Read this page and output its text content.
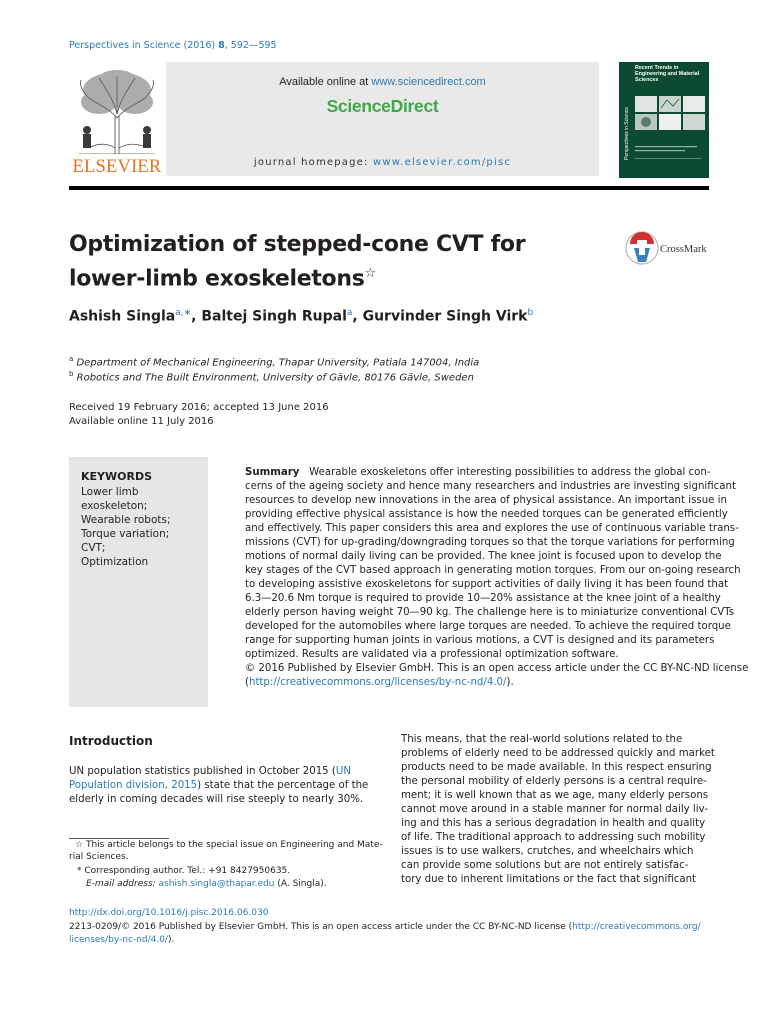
Perspectives in Science (2016) 8, 592—595
Available online at www.sciencedirect.com
ScienceDirect
journal homepage: www.elsevier.com/pisc
ELSEVIER
Recent Trends in Engineering and Material Sciences
Perspectives in Science
Optimization of stepped-cone CVT for
lower-limb exoskeletons☆
CrossMark
Ashish Singla$^{a,∗}$, Baltej Singh Rupal$^a$, Gurvinder Singh Virk$^b$
$^a$ Department of Mechanical Engineering, Thapar University, Patiala 147004, India
$^b$ Robotics and The Built Environment, University of Gävle, 80176 Gävle, Sweden
Received 19 February 2016; accepted 13 June 2016
Available online 11 July 2016
KEYWORDS
Lower limb
exoskeleton;
Wearable robots;
Torque variation;
CVT;
Optimization
Summary Wearable exoskeletons offer interesting possibilities to address the global con-
cerns of the ageing society and hence many researchers and industries are investing significant
resources to develop new innovations in the area of physical assistance. An important issue in
providing effective physical assistance is how the needed torques can be generated efficiently
and effectively. This paper considers this area and explores the use of continuous variable trans-
missions (CVT) for up-grading/downgrading torques so that the torque variations for performing
motions of normal daily living can be provided. The knee joint is focused upon to develop the
key stages of the CVT based approach in generating motion torques. From our on-going research
to developing assistive exoskeletons for support activities of daily living it has been found that
6.3—20.6 Nm torque is required to provide 10—20% assistance at the knee joint of a healthy
elderly person having weight 70—90 kg. The challenge here is to miniaturize conventional CVTs
developed for the automobiles where large torques are needed. To achieve the required torque
range for supporting human joints in various motions, a CVT is designed and its parameters
optimized. Results are validated via a professional optimization software.
© 2016 Published by Elsevier GmbH. This is an open access article under the CC BY-NC-ND license
(http://creativecommons.org/licenses/by-nc-nd/4.0/).
Introduction
UN population statistics published in October 2015 (UN
Population division, 2015) state that the percentage of the
elderly in coming decades will rise steeply to nearly 30%.
This means, that the real-world solutions related to the
problems of elderly need to be addressed quickly and market
products need to be made available. In this respect ensuring
the personal mobility of elderly persons is a central require-
ment; it is well known that as we age, many elderly persons
cannot move around in a stable manner for normal daily liv-
ing and this has a serious degradation in health and quality
of life. The traditional approach to addressing such mobility
issues is to use walkers, crutches, and wheelchairs which
can provide some solutions but are not entirely satisfac-
tory due to inherent limitations or the fact that significant
☆ This article belongs to the special issue on Engineering and Mate-
rial Sciences.
* Corresponding author. Tel.: +91 8427950635.
E-mail address: ashish.singla@thapar.edu (A. Singla).
http://dx.doi.org/10.1016/j.pisc.2016.06.030
2213-0209/© 2016 Published by Elsevier GmbH. This is an open access article under the CC BY-NC-ND license (http://creativecommons.org/
licenses/by-nc-nd/4.0/).
